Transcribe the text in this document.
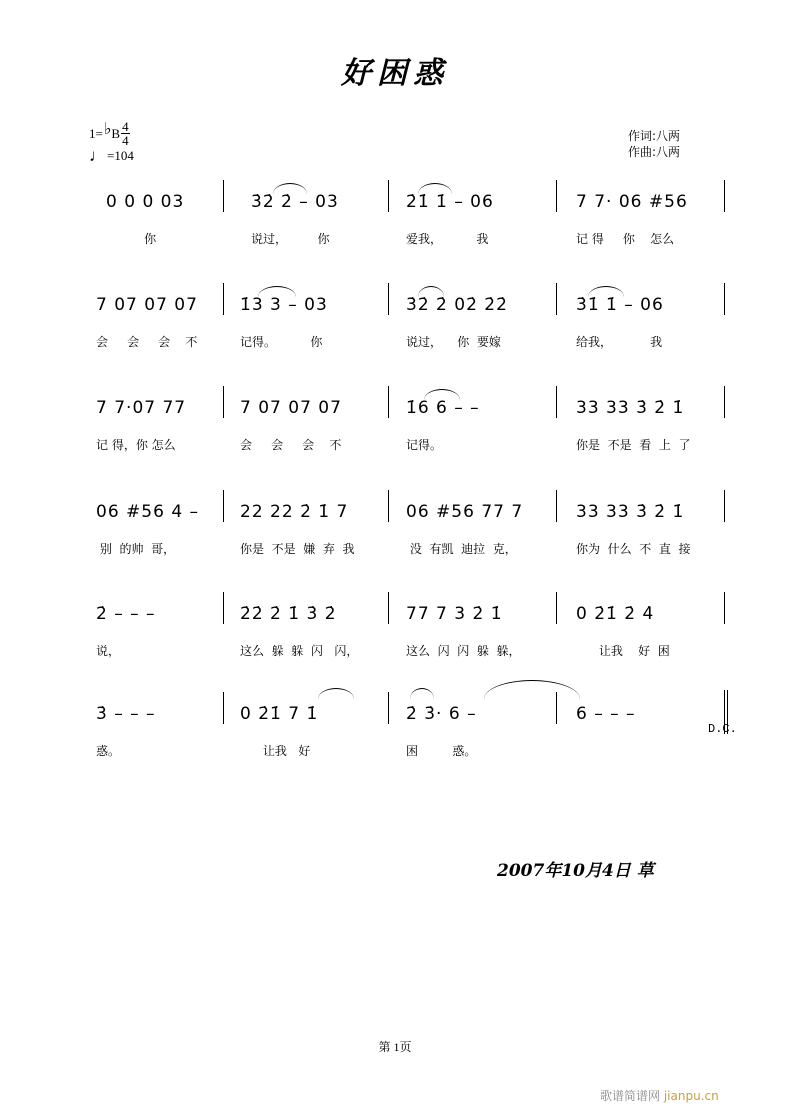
好困惑
1= ♭ B $\frac{4}{4}$
♩ =104
作词:八两
作曲:八两
0 0 0 03
你
3̇2̇ 2̇ – 03
说过，        你
2̇1̇ 1̇ – 06
爱我，         我
7 7· 06 #56
记 得     你    怎么
7 07 07 07
会     会     会    不
1̇3 3 – 03
记得。         你
3̇2̇ 2̇ 02̇ 2̇2̇
说过，    你  要嫁
3̇1̇ 1̇ – 06
给我，          我
7 7·07 77
记 得，你 怎么
7 07 07 07
会     会     会    不
1̇6 6 – –
记得。
33 33 3̇ 2̇ 1̇
你是  不是  看  上  了
06 #56 4 –
别  的帅  哥，
22 22 2̇ 1̇ 7
你是  不是  嫌  弃  我
06 #56 77 7
没  有凯  迪拉  克，
33 33 3̇ 2̇ 1̇
你为  什么  不  直  接
2̇ – – –
说，
2̇2̇ 2̇ 1̇ 3̇ 2̇
这么  躲  躲  闪   闪，
77 7 3 2̇ 1̇
这么  闪  闪  躲  躲，
0 2̇1̇ 2̇ 4̇
让我    好  困
3̇ – – –
惑。
0 2̇1̇ 7 1̇
让我   好
2̇ 3̇· 6 –
困         惑。
6 – – –
D.C.
2007年10月4日 草
第 1页
歌谱简谱网 jianpu.cn
